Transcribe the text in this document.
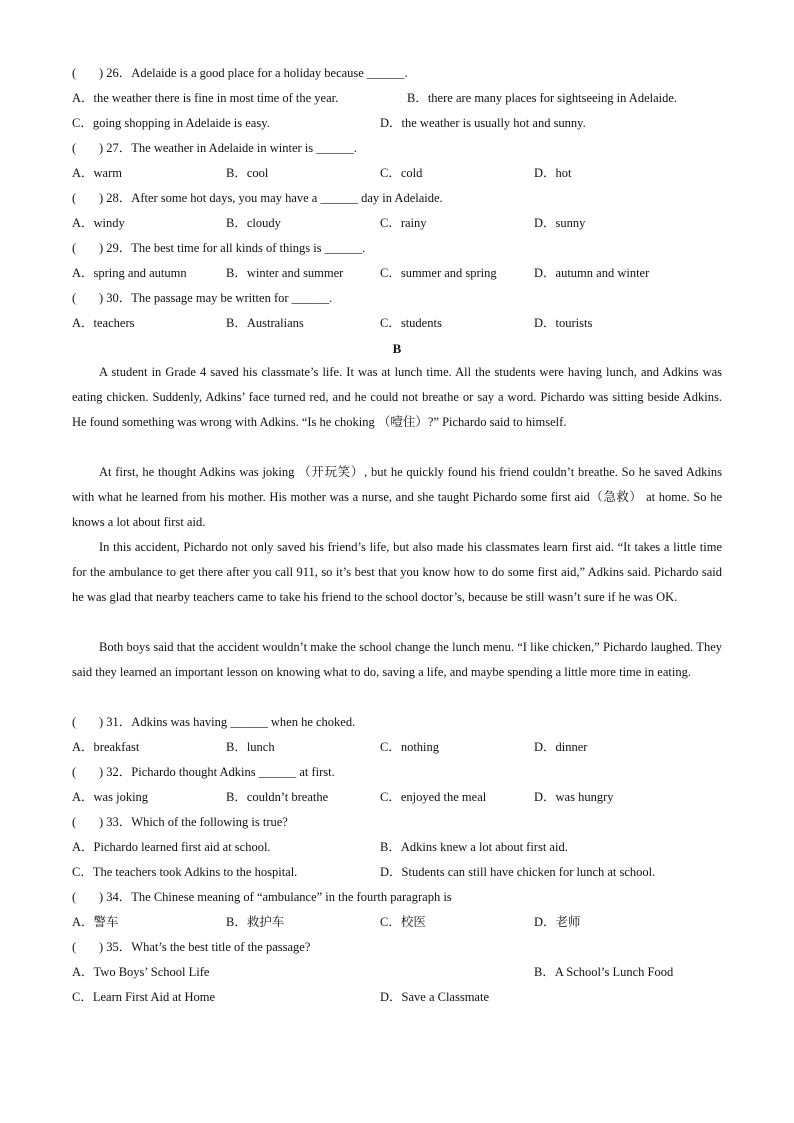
( ) 26．Adelaide is a good place for a holiday because ______.
A．the weather there is fine in most time of the year.	B．there are many places for sightseeing in Adelaide.
C．going shopping in Adelaide is easy.	D．the weather is usually hot and sunny.
( ) 27．The weather in Adelaide in winter is ______.
A．warm	B．cool	C．cold	D．hot
( ) 28．After some hot days, you may have a ______ day in Adelaide.
A．windy	B．cloudy	C．rainy	D．sunny
( ) 29．The best time for all kinds of things is ______.
A．spring and autumn	B．winter and summer	C．summer and spring	D．autumn and winter
( ) 30．The passage may be written for ______.
A．teachers	B．Australians	C．students	D．tourists
B

A student in Grade 4 saved his classmate’s life. It was at lunch time. All the students were having lunch, and Adkins was eating chicken. Suddenly, Adkins’ face turned red, and he could not breathe or say a word. Pichardo was sitting beside Adkins. He found something was wrong with Adkins. “Is he choking （噎住）?” Pichardo said to himself.

At first, he thought Adkins was joking （开玩笑）, but he quickly found his friend couldn’t breathe. So he saved Adkins with what he learned from his mother. His mother was a nurse, and she taught Pichardo some first aid（急救） at home. So he knows a lot about first aid.

In this accident, Pichardo not only saved his friend’s life, but also made his classmates learn first aid. “It takes a little time for the ambulance to get there after you call 911, so it’s best that you know how to do some first aid,” Adkins said. Pichardo said he was glad that nearby teachers came to take his friend to the school doctor’s, because be still wasn’t sure if he was OK.

Both boys said that the accident wouldn’t make the school change the lunch menu. “I like chicken,” Pichardo laughed. They said they learned an important lesson on knowing what to do, saving a life, and maybe spending a little more time in eating.

( ) 31．Adkins was having ______ when he choked.
A．breakfast	B．lunch	C．nothing	D．dinner
( ) 32．Pichardo thought Adkins ______ at first.
A．was joking	B．couldn’t breathe	C．enjoyed the meal	D．was hungry
( ) 33．Which of the following is true?
A．Pichardo learned first aid at school.	B．Adkins knew a lot about first aid.
C．The teachers took Adkins to the hospital.	D．Students can still have chicken for lunch at school.
( ) 34．The Chinese meaning of “ambulance” in the fourth paragraph is
A．警车	B．救护车	C．校医	D．老师
( ) 35．What’s the best title of the passage?
A．Two Boys’ School Life	B．A School’s Lunch Food
C．Learn First Aid at Home	D．Save a Classmate
